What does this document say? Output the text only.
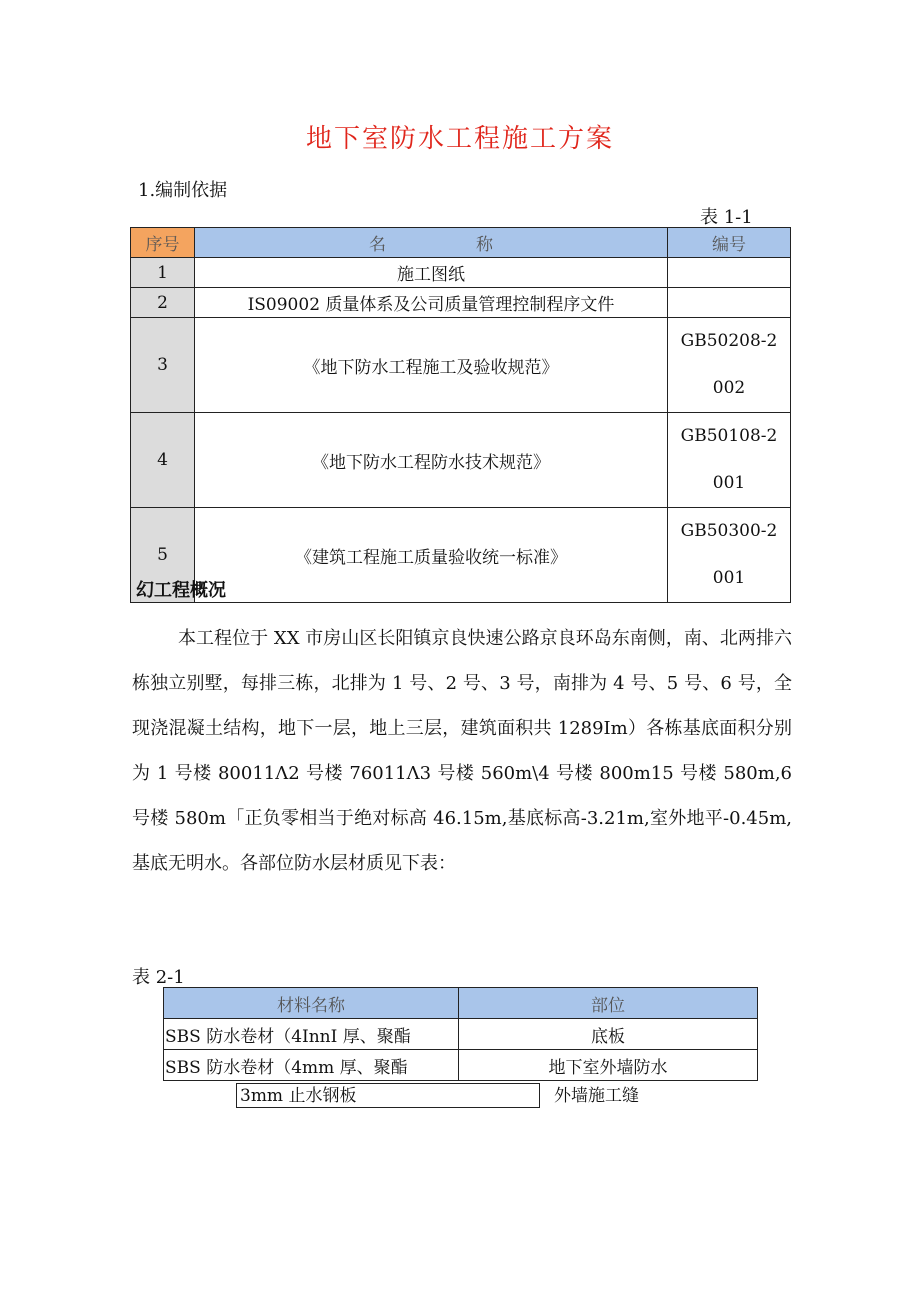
地下室防水工程施工方案
1.编制依据
表 1-1
序号	名 称	编号
1	施工图纸	
2	IS09002 质量体系及公司质量管理控制程序文件	
3	《地下防水工程施工及验收规范》	GB50208-2
002

4	《地下防水工程防水技术规范》	GB50108-2
001

5	《建筑工程施工质量验收统一标准》	GB50300-2
001
幻工程概况
本工程位于 XX 市房山区长阳镇京良快速公路京良环岛东南侧，南、北两排六栋独立别墅，每排三栋，北排为 1 号、2 号、3 号，南排为 4 号、5 号、6 号，全现浇混凝土结构，地下一层，地上三层，建筑面积共 1289Im）各栋基底面积分别为 1 号楼 80011Λ2 号楼 76011Λ3 号楼 560m\4 号楼 800m15 号楼 580m,6 号楼 580m「正负零相当于绝对标高 46.15m,基底标高-3.21m,室外地平-0.45m,基底无明水。各部位防水层材质见下表：
表 2-1
材料名称	部位
SBS 防水卷材（4InnI 厚、聚酯	底板
SBS 防水卷材（4mm 厚、聚酯	地下室外墙防水
3mm 止水钢板	外墙施工缝
